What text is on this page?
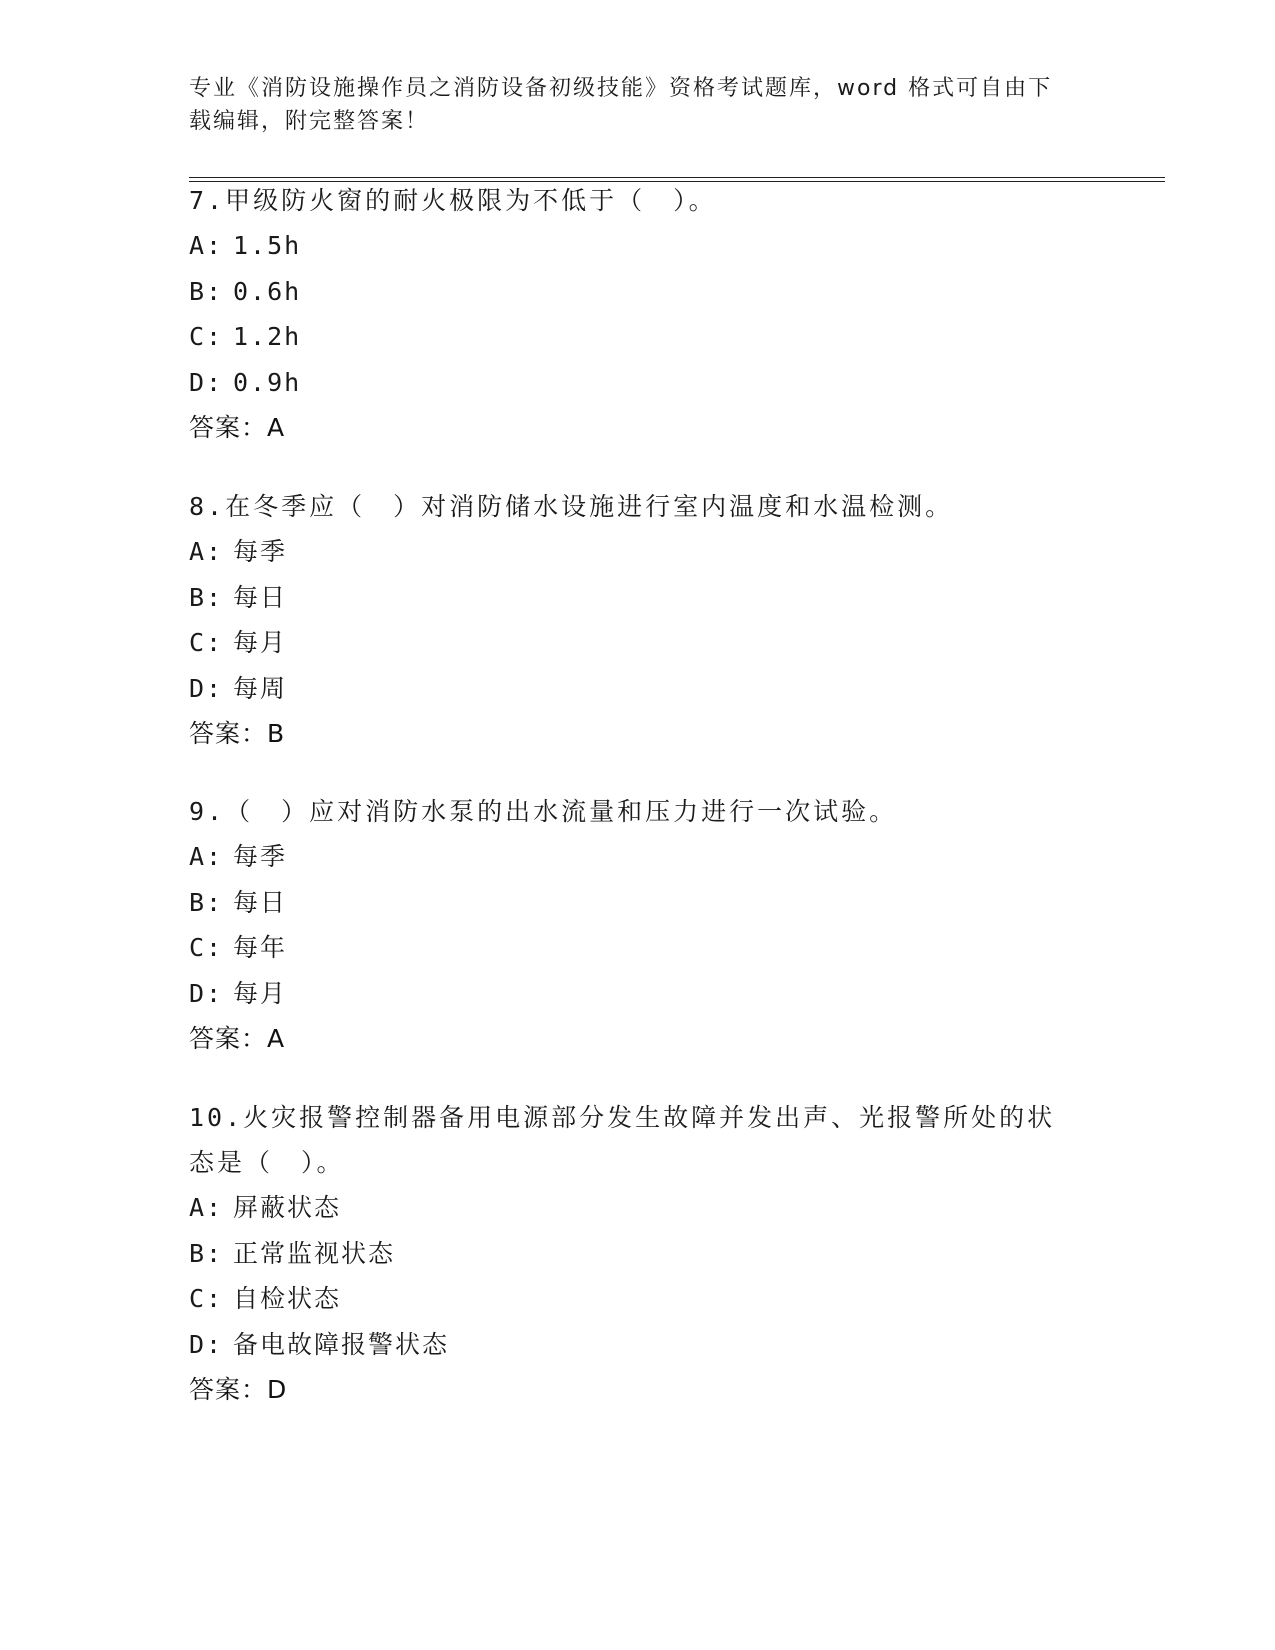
专业《消防设施操作员之消防设备初级技能》资格考试题库，word 格式可自由下
载编辑，附完整答案！
7.甲级防火窗的耐火极限为不低于（　）。
A: 1.5h
B: 0.6h
C: 1.2h
D: 0.9h
答案：A
8.在冬季应（　）对消防储水设施进行室内温度和水温检测。
A: 每季
B: 每日
C: 每月
D: 每周
答案：B
9.（　）应对消防水泵的出水流量和压力进行一次试验。
A: 每季
B: 每日
C: 每年
D: 每月
答案：A
10.火灾报警控制器备用电源部分发生故障并发出声、光报警所处的状
态是（　）。
A: 屏蔽状态
B: 正常监视状态
C: 自检状态
D: 备电故障报警状态
答案：D
